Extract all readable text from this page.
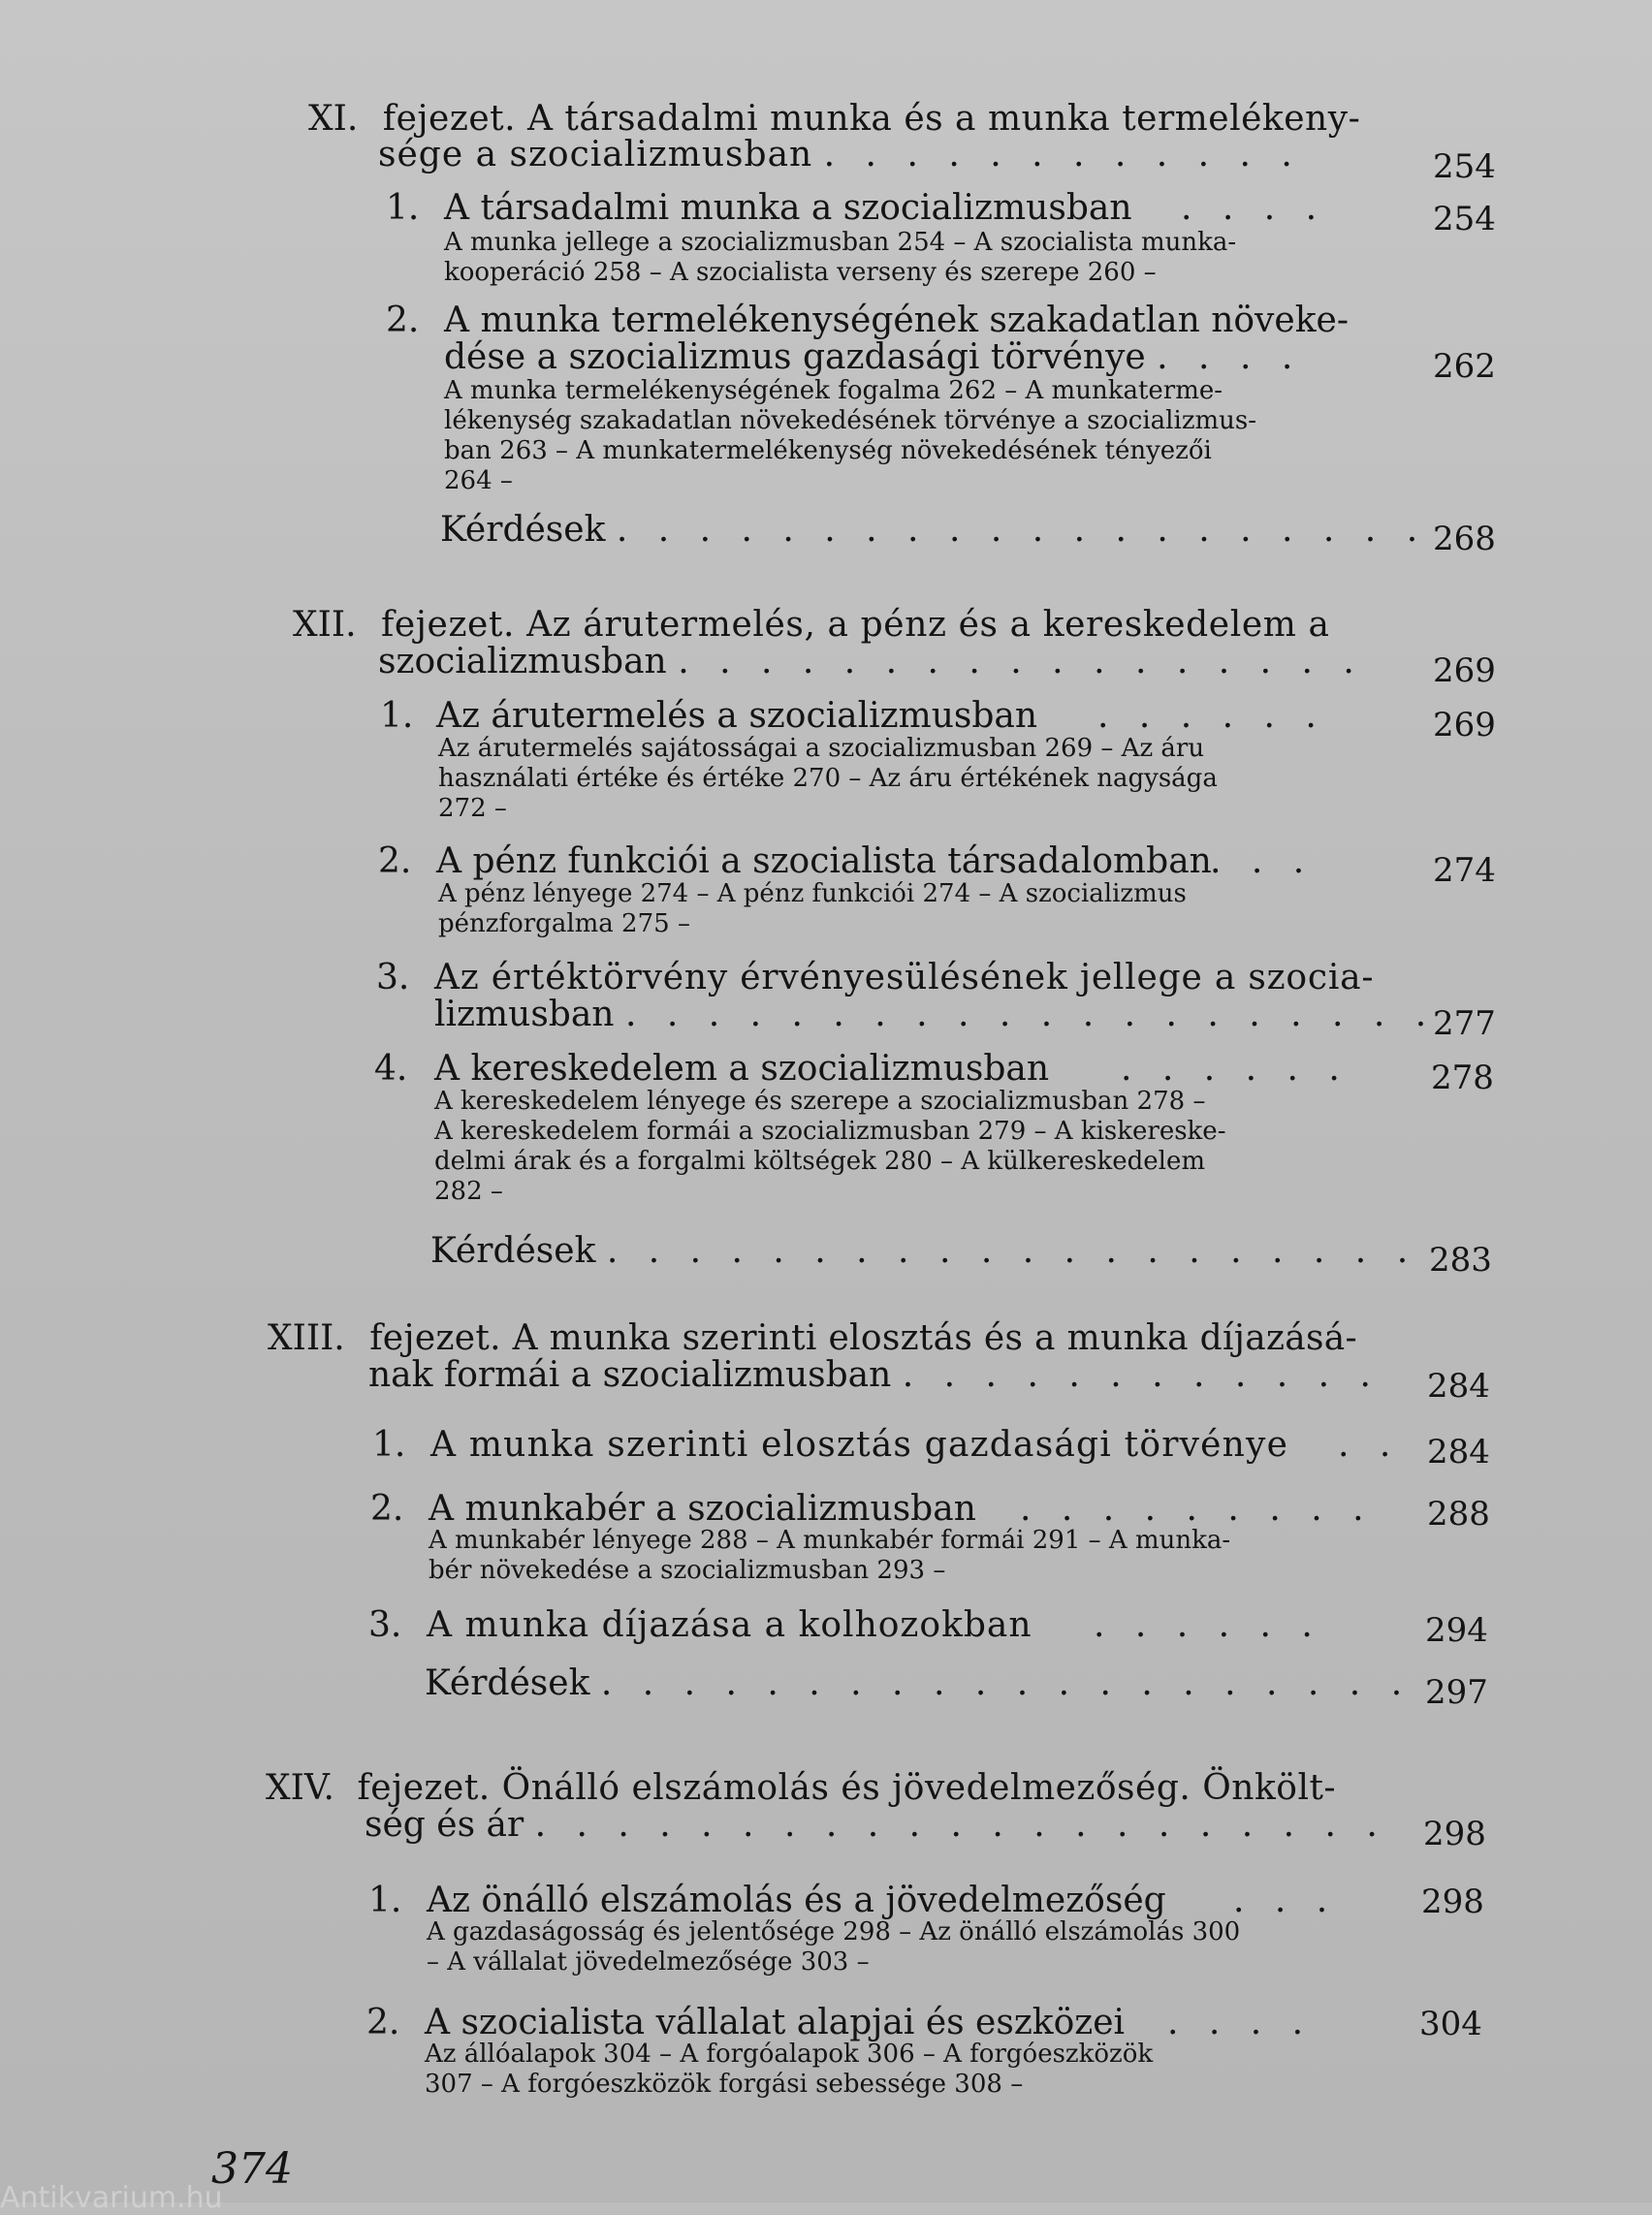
XI. fejezet. A társadalmi munka és a munka termelékeny-
sége a szocializmusban . . . . . . . . . . . .	254
1. A társadalmi munka a szocializmusban . . . .	254
A munka jellege a szocializmusban 254 – A szocialista munka-
kooperáció 258 – A szocialista verseny és szerepe 260 –
2. A munka termelékenységének szakadatlan növeke-
dése a szocializmus gazdasági törvénye . . . .	262
A munka termelékenységének fogalma 262 – A munkaterme-
lékenység szakadatlan növekedésének törvénye a szocializmus-
ban 263 – A munkatermelékenység növekedésének tényezői
264 –
Kérdések . . . . . . . . . . . . . . . . . . . . 268
XII. fejezet. Az árutermelés, a pénz és a kereskedelem a
szocializmusban . . . . . . . . . . . . . . . . .	269
1. Az árutermelés a szocializmusban . . . . . .	269
Az árutermelés sajátosságai a szocializmusban 269 – Az áru
használati értéke és értéke 270 – Az áru értékének nagysága
272 –
2. A pénz funkciói a szocialista társadalomban
. . .	274
A pénz lényege 274 – A pénz funkciói 274 – A szocializmus
pénzforgalma 275 –
3. Az értéktörvény érvényesülésének jellege a szocia-
lizmusban . . . . . . . . . . . . . . . . . . . .
277
4. A kereskedelem a szocializmusban . . . . . . 278
A kereskedelem lényege és szerepe a szocializmusban 278 –
A kereskedelem formái a szocializmusban 279 – A kiskereske-
delmi árak és a forgalmi költségek 280 – A külkereskedelem
282 –
Kérdések . . . . . . . . . . . . . . . . . . . . 283
XIII. fejezet. A munka szerinti elosztás és a munka díjazásá-
nak formái a szocializmusban . . . . . . . . . . . . 284
1. A munka szerinti elosztás gazdasági törvénye . . 284
2. A munkabér a szocializmusban . . . . . . . . . 288
A munkabér lényege 288 – A munkabér formái 291 – A munka-
bér növekedése a szocializmusban 293 –
3. A munka díjazása a kolhozokban . . . . . .	294
Kérdések . . . . . . . . . . . . . . . . . . . . 297
XIV. fejezet. Önálló elszámolás és jövedelmezőség. Önkölt-
ség és ár . . . . . . . . . . . . . . . . . . . . . 298
1. Az önálló elszámolás és a jövedelmezőség . . .	298
A gazdaságosság és jelentősége 298 – Az önálló elszámolás 300
– A vállalat jövedelmezősége 303 –
2. A szocialista vállalat alapjai és eszközei . . . .	304
Az állóalapok 304 – A forgóalapok 306 – A forgóeszközök
307 – A forgóeszközök forgási sebessége 308 –
374
Antikvarium.hu
